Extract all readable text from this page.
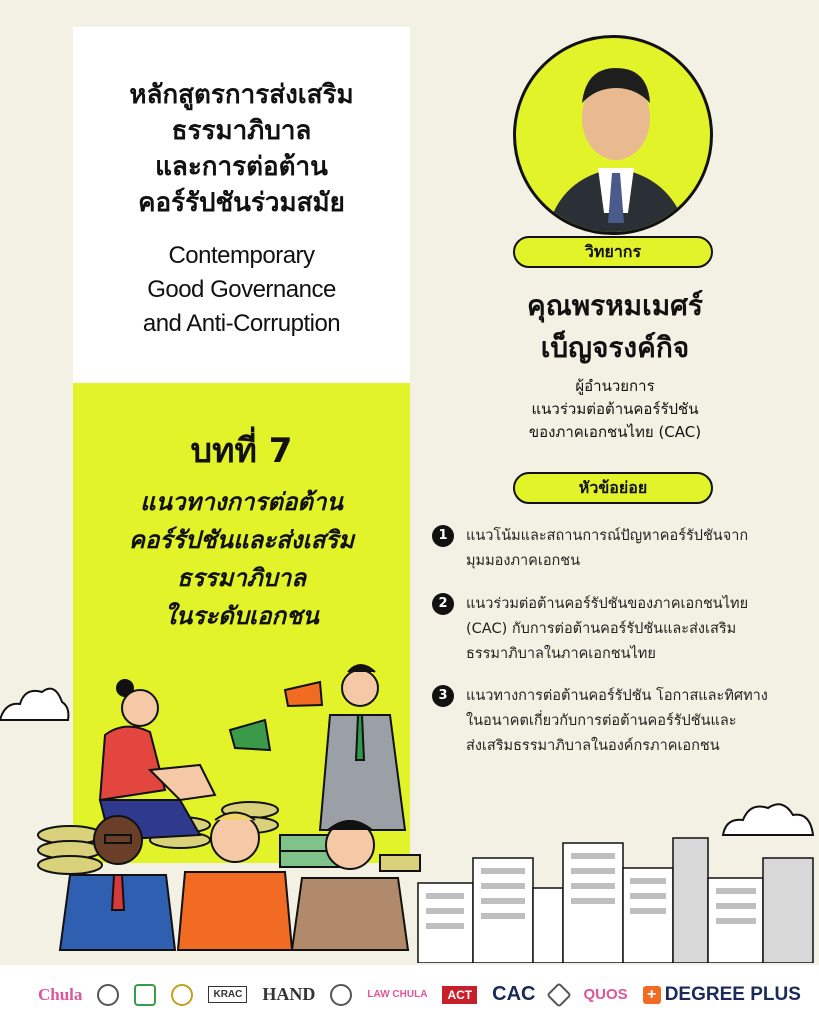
หลักสูตรการส่งเสริม
ธรรมาภิบาล
และการต่อต้าน
คอร์รัปชันร่วมสมัย
Contemporary
Good Governance
and Anti-Corruption
บทที่ 7
แนวทางการต่อต้าน
คอร์รัปชันและส่งเสริม
ธรรมาภิบาล
ในระดับเอกชน
วิทยากร
คุณพรหมเมศร์
เบ็ญจรงค์กิจ
ผู้อำนวยการ
แนวร่วมต่อต้านคอร์รัปชัน
ของภาคเอกชนไทย (CAC)
หัวข้อย่อย
1	แนวโน้มและสถานการณ์ปัญหาคอร์รัปชันจาก
มุมมองภาคเอกชน
2	แนวร่วมต่อต้านคอร์รัปชันของภาคเอกชนไทย
(CAC) กับการต่อต้านคอร์รัปชันและส่งเสริม
ธรรมาภิบาลในภาคเอกชนไทย
3	แนวทางการต่อต้านคอร์รัปชัน โอกาสและทิศทาง
ในอนาคตเกี่ยวกับการต่อต้านคอร์รัปชันและ
ส่งเสริมธรรมาภิบาลในองค์กรภาคเอกชน
Chula	KRAC HAND	LAW CHULA	ACT CAC	QUOS + DEGREE PLUS
